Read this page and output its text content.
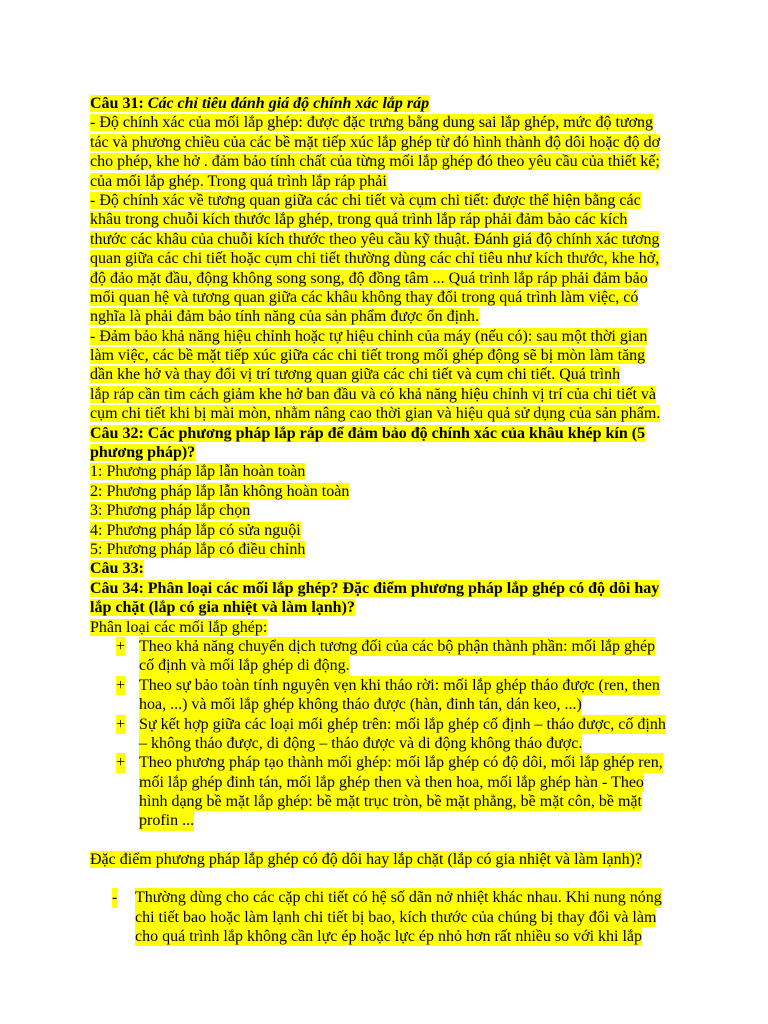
Câu 31: Các chỉ tiêu đánh giá độ chính xác lắp ráp
- Độ chính xác của mối lắp ghép: được đặc trưng bằng dung sai lắp ghép, mức độ tương
tác và phương chiều của các bề mặt tiếp xúc lắp ghép từ đó hình thành độ dôi hoặc độ dơ
cho phép, khe hở . đảm bảo tính chất của từng mối lắp ghép đó theo yêu cầu của thiết kế;
của mối lắp ghép. Trong quá trình lắp ráp phải
- Độ chính xác về tương quan giữa các chi tiết và cụm chi tiết: được thể hiện bằng các
khâu trong chuỗi kích thước lắp ghép, trong quá trình lắp ráp phải đảm bảo các kích
thước các khâu của chuỗi kích thước theo yêu cầu kỹ thuật. Đánh giá độ chính xác tương
quan giữa các chi tiết hoặc cụm chi tiết thường dùng các chỉ tiêu như kích thước, khe hở,
độ đảo mặt đầu, động không song song, độ đồng tâm ... Quá trình lắp ráp phải đảm bảo
mối quan hệ và tương quan giữa các khâu không thay đổi trong quá trình làm việc, có
nghĩa là phải đảm bảo tính năng của sản phẩm được ổn định.
- Đảm bảo khả năng hiệu chỉnh hoặc tự hiệu chỉnh của máy (nếu có): sau một thời gian
làm việc, các bề mặt tiếp xúc giữa các chi tiết trong mối ghép động sẽ bị mòn làm tăng
dần khe hở và thay đổi vị trí tương quan giữa các chi tiết và cụm chi tiết. Quá trình
lắp ráp cần tìm cách giảm khe hở ban đầu và có khả năng hiệu chỉnh vị trí của chi tiết và
cụm chi tiết khi bị mài mòn, nhằm nâng cao thời gian và hiệu quả sử dụng của sản phẩm.
Câu 32: Các phương pháp lắp ráp để đảm bảo độ chính xác của khâu khép kín (5
phương pháp)?
1: Phương pháp lắp lẫn hoàn toàn
2: Phương pháp lắp lẫn không hoàn toàn
3: Phương pháp lắp chọn
4: Phương pháp lắp có sửa nguội
5: Phương pháp lắp có điều chỉnh
Câu 33:
Câu 34: Phân loại các mối lắp ghép? Đặc điểm phương pháp lắp ghép có độ dôi hay
lắp chặt (lắp có gia nhiệt và làm lạnh)?
Phân loại các mối lắp ghép:
+ Theo khả năng chuyển dịch tương đối của các bộ phận thành phần: mối lắp ghép
cố định và mối lắp ghép di động.
+ Theo sự bảo toàn tính nguyên vẹn khi tháo rời: mối lắp ghép tháo được (ren, then
hoa, ...) và mối lắp ghép không tháo được (hàn, đinh tán, dán keo, ...)
+ Sự kết hợp giữa các loại mối ghép trên: mối lắp ghép cố định – tháo được, cố định
– không tháo được, di động – tháo được và di động không tháo được.
+ Theo phương pháp tạo thành mối ghép: mối lắp ghép có độ dôi, mối lắp ghép ren,
mối lắp ghép đinh tán, mối lắp ghép then và then hoa, mối lắp ghép hàn - Theo
hình dạng bề mặt lắp ghép: bề mặt trục tròn, bề mặt phẳng, bề mặt côn, bề mặt
profin ...
Đặc điểm phương pháp lắp ghép có độ dôi hay lắp chặt (lắp có gia nhiệt và làm lạnh)?
- Thường dùng cho các cặp chi tiết có hệ số dãn nở nhiệt khác nhau. Khi nung nóng
chi tiết bao hoặc làm lạnh chi tiết bị bao, kích thước của chúng bị thay đổi và làm
cho quá trình lắp không cần lực ép hoặc lực ép nhỏ hơn rất nhiều so với khi lắp
